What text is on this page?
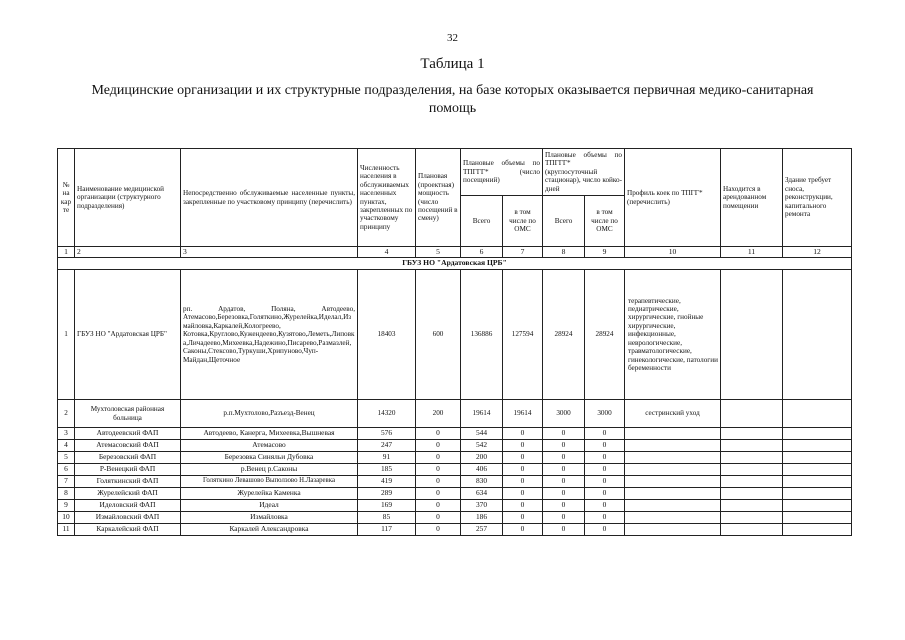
32
Таблица 1
Медицинские организации и их структурные подразделения, на базе которых оказывается первичная медико-санитарная помощь
№ на кар те	Наименование медицинской организации (структурного подразделения)	Непосредственно обслуживаемые населенные пункты, закрепленные по участковому принципу (перечислить)	Численность населения в обслуживаемых населенных пунктах, закрепленных по участковому принципу	Плановая (проектная) мощность (число посещений в смену)	Плановые объемы по ТПГГГ* (число посещений)		Плановые объемы по ТПГГГ* (круглосуточный стационар), число койко-дней		Профиль коек по ТПГГ* (перечислить)	Находится в арендованном помещении	Здание требует сноса, реконструкции, капитального ремонта
					Всего	в том числе по ОМС	Всего	в том числе по ОМС			
1	2	3	4	5	6	7	8	9	10	11	12
ГБУЗ НО "Ардатовская ЦРБ"											
1	ГБУЗ НО "Ардатовская ЦРБ"	рп. Ардатов, Поляна, Автодеево, Атемасово,Березовка,Голяткино,Журелейка,Иделал,Измайловка,Каркалей,Кологреево, Котовка,Круглово,Кужендеево,Кузятово,Леметь,Липовка,Личадеево,Михеевка,Надежино,Писарево,Размазлей,Саконы,Стексово,Туркуши,Хрипуново,Чуп-Майдан,Щеточное	18403	600	136886	127594	28924	28924	терапевтические, педиатрические, хирургические, гнойные хирургические, инфекционные, неврологические, травматологические, гинекологические, патологии беременности		
2	Мухтоловская районная больница	р.п.Мухтолово,Разъезд-Венец	14320	200	19614	19614	3000	3000	сестринский уход		
3	Автодеевский ФАП	Автодеево, Канерга, Михеевка,Вышневая	576	0	544	0	0	0			
4	Атемасовский ФАП	Атемасово	247	0	542	0	0	0			
5	Березовский ФАП	Березовка Синяльи Дубовка	91	0	200	0	0	0			
6	Р-Венецкий ФАП	р.Венец р.Саконы	185	0	406	0	0	0			
7	Голяткинский ФАП	Голяткино Левашово Выползово Н.Лазаревка	419	0	830	0	0	0			
8	Журелейский ФАП	Журелейка Каменка	289	0	634	0	0	0			
9	Иделовский ФАП	Идеал	169	0	370	0	0	0			
10	Измайловский ФАП	Измайловка	85	0	186	0	0	0			
11	Каркалейский ФАП	Каркалей Александровка	117	0	257	0	0	0			
